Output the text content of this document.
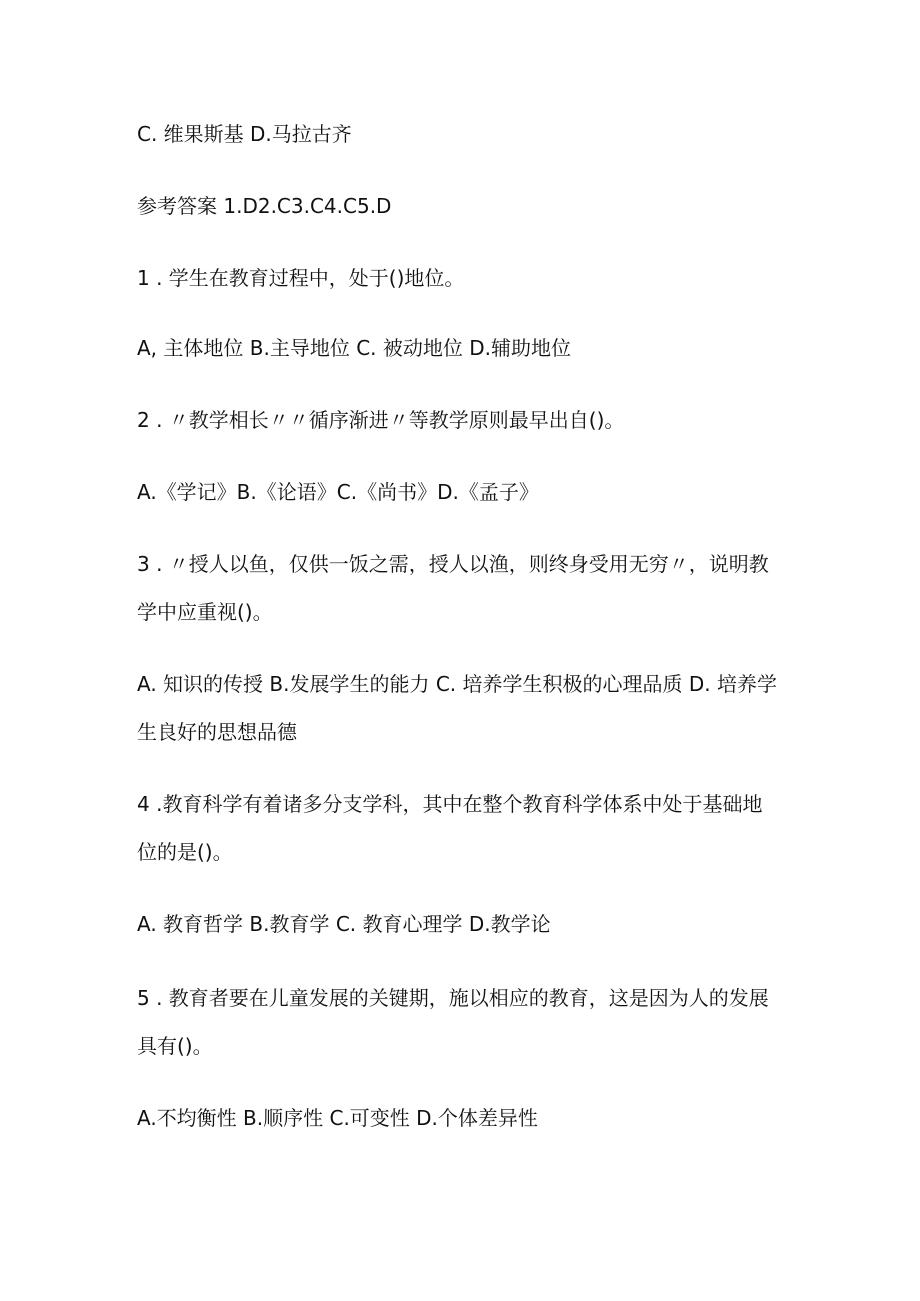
C. 维果斯基 D.马拉古齐

参考答案 1.D2.C3.C4.C5.D

1 . 学生在教育过程中，处于()地位。

A, 主体地位 B.主导地位 C. 被动地位 D.辅助地位

2 . 〃教学相长〃〃循序渐进〃等教学原则最早出自()。

A.《学记》B.《论语》C.《尚书》D.《孟子》

3 . 〃授人以鱼，仅供一饭之需，授人以渔，则终身受用无穷〃，说明教

学中应重视()。

A. 知识的传授 B.发展学生的能力 C. 培养学生积极的心理品质 D. 培养学

生良好的思想品德

4 .教育科学有着诸多分支学科，其中在整个教育科学体系中处于基础地

位的是()。

A. 教育哲学 B.教育学 C. 教育心理学 D.教学论

5 . 教育者要在儿童发展的关键期，施以相应的教育，这是因为人的发展

具有()。

A.不均衡性 B.顺序性 C.可变性 D.个体差异性
